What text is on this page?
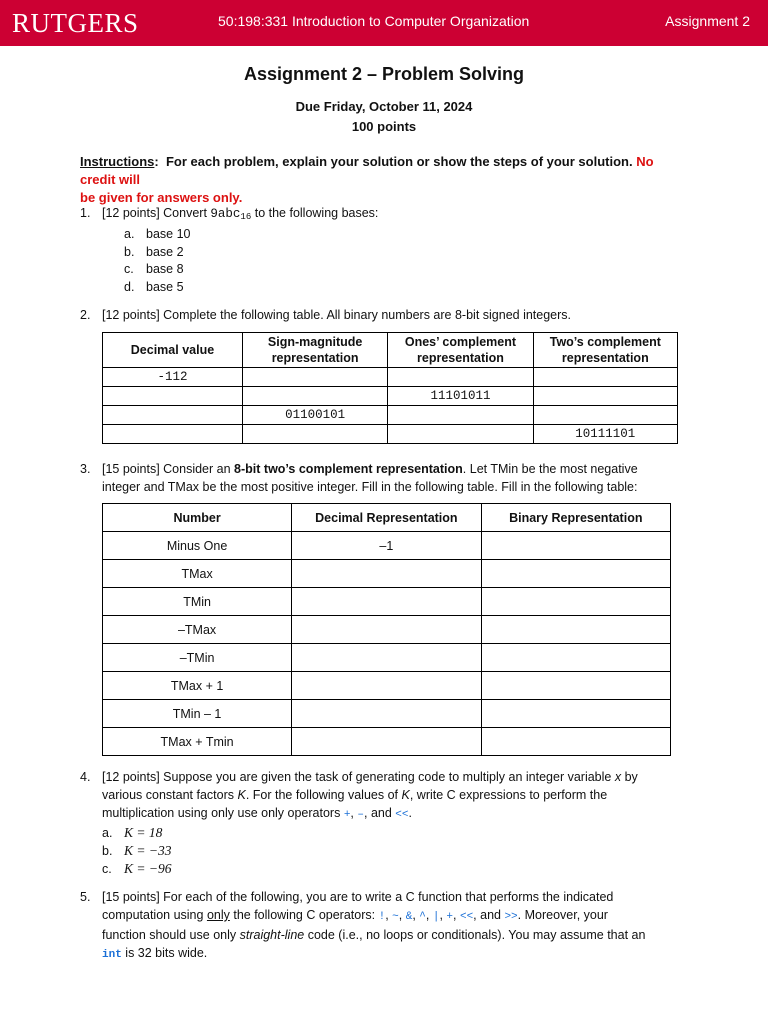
RUTGERS	50:198:331 Introduction to Computer Organization	Assignment 2
Assignment 2 – Problem Solving
Due Friday, October 11, 2024
100 points
Instructions:  For each problem, explain your solution or show the steps of your solution. No credit will
be given for answers only.
1. [12 points] Convert 9abc$_{16}$ to the following bases:
a. base 10
b. base 2
c. base 8
d. base 5
2. [12 points] Complete the following table. All binary numbers are 8-bit signed integers.
Decimal value	Sign-magnitude representation	Ones’ complement representation	Two’s complement representation
-112			
		11101011	
	01100101		
			10111101
3. [15 points] Consider an 8-bit two’s complement representation. Let TMin be the most negative
integer and TMax be the most positive integer. Fill in the following table. Fill in the following table:
Number	Decimal Representation	Binary Representation
Minus One	–1	
TMax		
TMin		
–TMax		
–TMin		
TMax + 1		
TMin – 1		
TMax + Tmin		
4. [12 points] Suppose you are given the task of generating code to multiply an integer variable x by
various constant factors K. For the following values of K, write C expressions to perform the
multiplication using only use only operators +, –, and <<.
a. K = 18
b. K = −33
c. K = −96
5. [15 points] For each of the following, you are to write a C function that performs the indicated
computation using only the following C operators: !, ~, &, ^, |, +, <<, and >>. Moreover, your
function should use only straight-line code (i.e., no loops or conditionals). You may assume that an
int is 32 bits wide.
